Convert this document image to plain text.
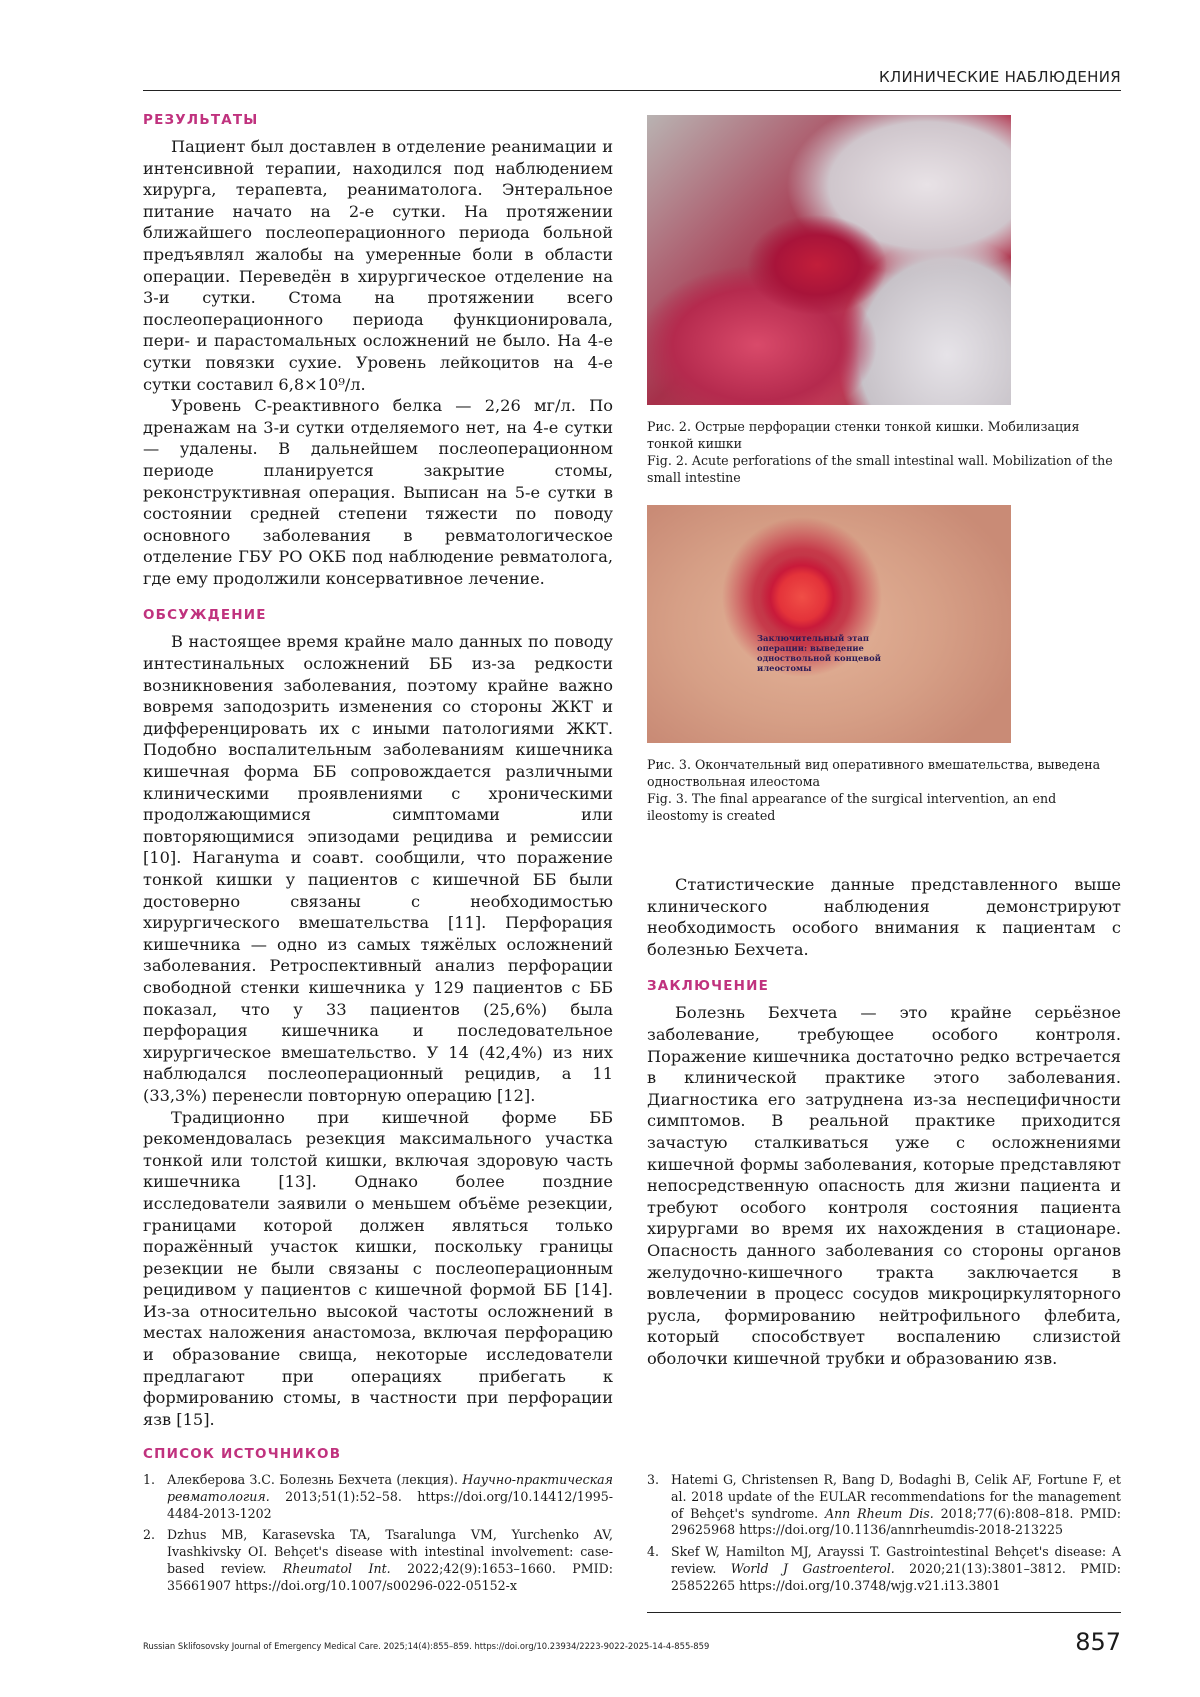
КЛИНИЧЕСКИЕ НАБЛЮДЕНИЯ
РЕЗУЛЬТАТЫ

Пациент был доставлен в отделение реанимации и интенсивной терапии, находился под наблюдением хирурга, терапевта, реаниматолога. Энтеральное питание начато на 2-е сутки. На протяжении ближайшего послеоперационного периода больной предъявлял жалобы на умеренные боли в области операции. Переведён в хирургическое отделение на 3-и сутки. Стома на протяжении всего послеоперационного периода функционировала, пери- и парастомальных осложнений не было. На 4-е сутки повязки сухие. Уровень лейкоцитов на 4-е сутки составил 6,8×10⁹/л.

Уровень С-реактивного белка — 2,26 мг/л. По дренажам на 3-и сутки отделяемого нет, на 4-е сутки — удалены. В дальнейшем послеоперационном периоде планируется закрытие стомы, реконструктивная операция. Выписан на 5-е сутки в состоянии средней степени тяжести по поводу основного заболевания в ревматологическое отделение ГБУ РО ОКБ под наблюдение ревматолога, где ему продолжили консервативное лечение.

ОБСУЖДЕНИЕ

В настоящее время крайне мало данных по поводу интестинальных осложнений ББ из-за редкости возникновения заболевания, поэтому крайне важно вовремя заподозрить изменения со стороны ЖКТ и дифференцировать их с иными патологиями ЖКТ. Подобно воспалительным заболеваниям кишечника кишечная форма ББ сопровождается различными клиническими проявлениями с хроническими продолжающимися симптомами или повторяющимися эпизодами рецидива и ремиссии [10]. Нагануma и соавт. сообщили, что поражение тонкой кишки у пациентов с кишечной ББ были достоверно связаны с необходимостью хирургического вмешательства [11]. Перфорация кишечника — одно из самых тяжёлых осложнений заболевания. Ретроспективный анализ перфорации свободной стенки кишечника у 129 пациентов с ББ показал, что у 33 пациентов (25,6%) была перфорация кишечника и последовательное хирургическое вмешательство. У 14 (42,4%) из них наблюдался послеоперационный рецидив, а 11 (33,3%) перенесли повторную операцию [12].

Традиционно при кишечной форме ББ рекомендовалась резекция максимального участка тонкой или толстой кишки, включая здоровую часть кишечника [13]. Однако более поздние исследователи заявили о меньшем объёме резекции, границами которой должен являться только поражённый участок кишки, поскольку границы резекции не были связаны с послеоперационным рецидивом у пациентов с кишечной формой ББ [14]. Из-за относительно высокой частоты осложнений в местах наложения анастомоза, включая перфорацию и образование свища, некоторые исследователи предлагают при операциях прибегать к формированию стомы, в частности при перфорации язв [15].

Рис. 2. Острые перфорации стенки тонкой кишки. Мобилизация тонкой кишки

Fig. 2. Acute perforations of the small intestinal wall. Mobilization of the small intestine

Заключительный этап операции: выведение одноствольной концевой илеостомы

Рис. 3. Окончательный вид оперативного вмешательства, выведена одноствольная илеостома

Fig. 3. The final appearance of the surgical intervention, an end ileostomy is created

Статистические данные представленного выше клинического наблюдения демонстрируют необходимость особого внимания к пациентам с болезнью Бехчета.

ЗАКЛЮЧЕНИЕ

Болезнь Бехчета — это крайне серьёзное заболевание, требующее особого контроля. Поражение кишечника достаточно редко встречается в клинической практике этого заболевания. Диагностика его затруднена из-за неспецифичности симптомов. В реальной практике приходится зачастую сталкиваться уже с осложнениями кишечной формы заболевания, которые представляют непосредственную опасность для жизни пациента и требуют особого контроля состояния пациента хирургами во время их нахождения в стационаре. Опасность данного заболевания со стороны органов желудочно-кишечного тракта заключается в вовлечении в процесс сосудов микроциркуляторного русла, формированию нейтрофильного флебита, который способствует воспалению слизистой оболочки кишечной трубки и образованию язв.

СПИСОК ИСТОЧНИКОВ
1. Алекберова З.С. Болезнь Бехчета (лекция). Научно-практическая ревматология. 2013;51(1):52–58. https://doi.org/10.14412/1995-4484-2013-1202
2. Dzhus MB, Karasevska TA, Tsaralunga VM, Yurchenko AV, Ivashkivsky OI. Behçet's disease with intestinal involvement: case-based review. Rheumatol Int. 2022;42(9):1653–1660. PMID: 35661907 https://doi.org/10.1007/s00296-022-05152-x
3. Hatemi G, Christensen R, Bang D, Bodaghi B, Celik AF, Fortune F, et al. 2018 update of the EULAR recommendations for the management of Behçet's syndrome. Ann Rheum Dis. 2018;77(6):808–818. PMID: 29625968 https://doi.org/10.1136/annrheumdis-2018-213225
4. Skef W, Hamilton MJ, Arayssi T. Gastrointestinal Behçet's disease: A review. World J Gastroenterol. 2020;21(13):3801–3812. PMID: 25852265 https://doi.org/10.3748/wjg.v21.i13.3801
Russian Sklifosovsky Journal of Emergency Medical Care. 2025;14(4):855–859. https://doi.org/10.23934/2223-9022-2025-14-4-855-859	857
